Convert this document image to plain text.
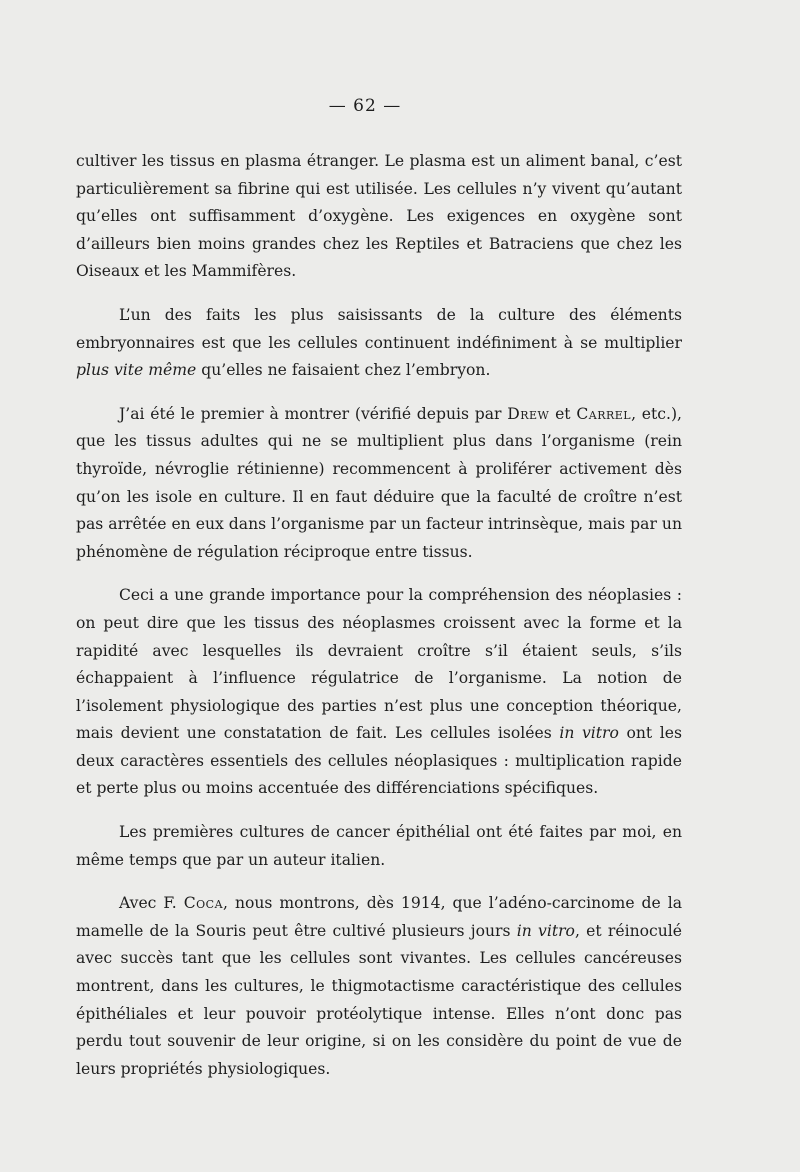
— 62 —

cultiver les tissus en plasma étranger. Le plasma est un aliment banal, c’est particulièrement sa fibrine qui est utilisée. Les cellules n’y vivent qu’autant qu’elles ont suffisamment d’oxygène. Les exigences en oxygène sont d’ailleurs bien moins grandes chez les Reptiles et Batraciens que chez les Oiseaux et les Mammifères.

L’un des faits les plus saisissants de la culture des éléments embryonnaires est que les cellules continuent indéfiniment à se multiplier plus vite même qu’elles ne faisaient chez l’embryon.

J’ai été le premier à montrer (vérifié depuis par Drew et Carrel, etc.), que les tissus adultes qui ne se multiplient plus dans l’organisme (rein thyroïde, névroglie rétinienne) recommencent à proliférer activement dès qu’on les isole en culture. Il en faut déduire que la faculté de croître n’est pas arrêtée en eux dans l’organisme par un facteur intrinsèque, mais par un phénomène de régulation réciproque entre tissus.

Ceci a une grande importance pour la compréhension des néoplasies : on peut dire que les tissus des néoplasmes croissent avec la forme et la rapidité avec lesquelles ils devraient croître s’il étaient seuls, s’ils échappaient à l’influence régulatrice de l’organisme. La notion de l’isolement physiologique des parties n’est plus une conception théorique, mais devient une constatation de fait. Les cellules isolées in vitro ont les deux caractères essentiels des cellules néoplasiques : multiplication rapide et perte plus ou moins accentuée des différenciations spécifiques.

Les premières cultures de cancer épithélial ont été faites par moi, en même temps que par un auteur italien.

Avec F. Coca, nous montrons, dès 1914, que l’adéno-carcinome de la mamelle de la Souris peut être cultivé plusieurs jours in vitro, et réinoculé avec succès tant que les cellules sont vivantes. Les cellules cancéreuses montrent, dans les cultures, le thigmotactisme caractéristique des cellules épithéliales et leur pouvoir protéolytique intense. Elles n’ont donc pas perdu tout souvenir de leur origine, si on les considère du point de vue de leurs propriétés physiologiques.
